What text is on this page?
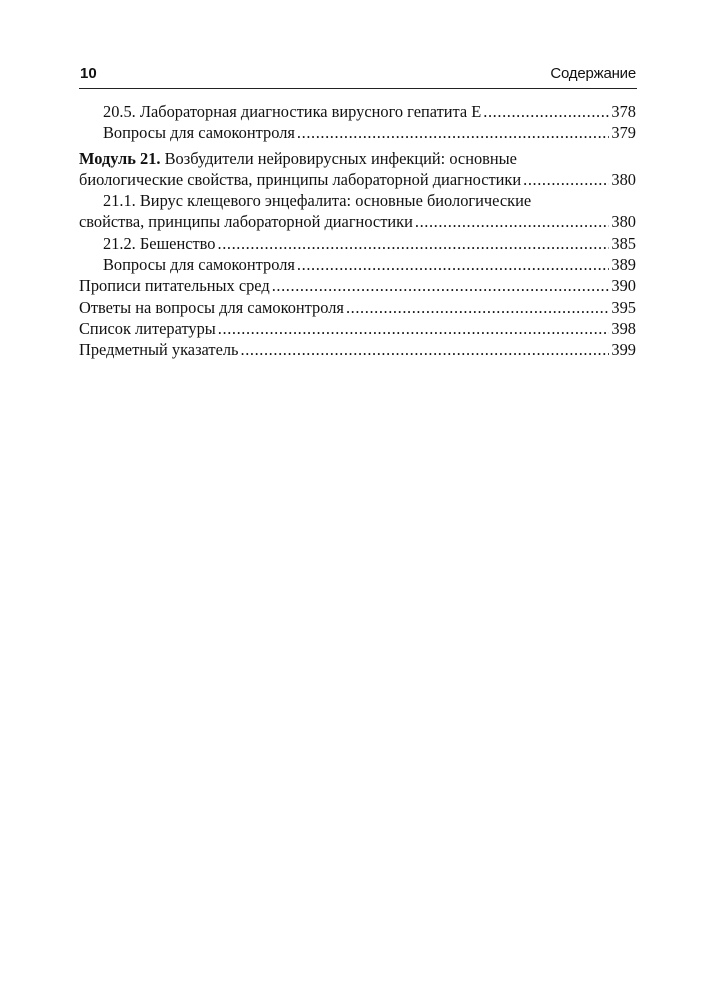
10	Содержание
20.5. Лабораторная диагностика вирусного гепатита Е .....	378
Вопросы для самоконтроля .....	379
Модуль 21. Возбудители нейровирусных инфекций: основные
биологические свойства, принципы лабораторной диагностики .....	380
21.1. Вирус клещевого энцефалита: основные биологические
свойства, принципы лабораторной диагностики .....	380
21.2. Бешенство .....	385
Вопросы для самоконтроля .....	389
Прописи питательных сред .....	390
Ответы на вопросы для самоконтроля .....	395
Список литературы .....	398
Предметный указатель .....	399
